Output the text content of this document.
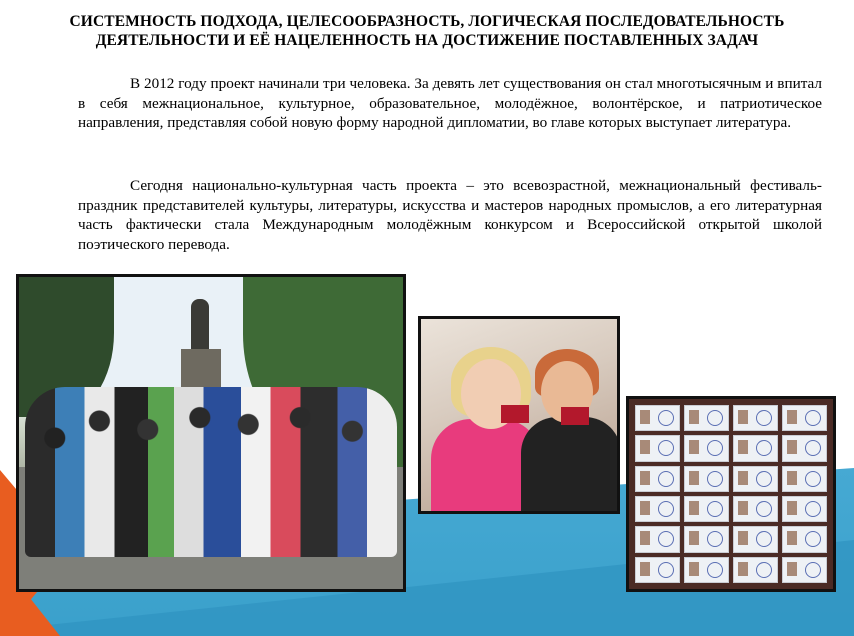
СИСТЕМНОСТЬ ПОДХОДА, ЦЕЛЕСООБРАЗНОСТЬ, ЛОГИЧЕСКАЯ ПОСЛЕДОВАТЕЛЬНОСТЬ ДЕЯТЕЛЬНОСТИ И ЕЁ НАЦЕЛЕННОСТЬ НА ДОСТИЖЕНИЕ ПОСТАВЛЕННЫХ ЗАДАЧ

В 2012 году проект начинали три человека. За девять лет существования он стал многотысячным и впитал в себя межнациональное, культурное, образовательное, молодёжное, волонтёрское, и патриотическое направления, представляя собой новую форму народной дипломатии, во главе которых выступает литература.

Сегодня национально-культурная часть проекта – это всевозрастной, межнациональный фестиваль-праздник представителей культуры, литературы, искусства и мастеров народных промыслов, а его литературная часть фактически стала Международным молодёжным конкурсом и Всероссийской открытой школой поэтического перевода.
